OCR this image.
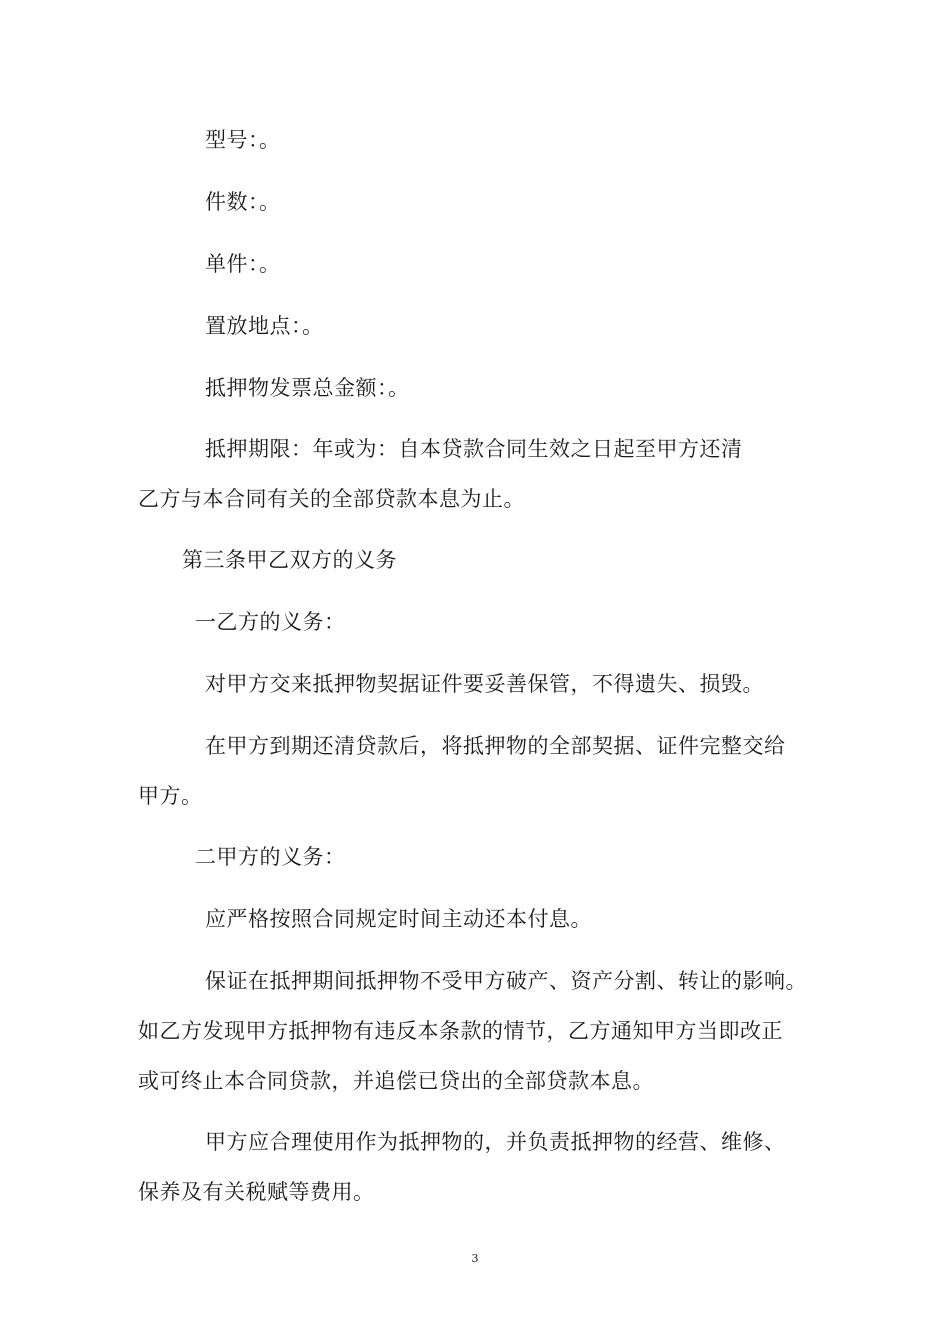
型号：。
件数：。
单件：。
置放地点：。
抵押物发票总金额：。
抵押期限：年或为：自本贷款合同生效之日起至甲方还清
乙方与本合同有关的全部贷款本息为止。
第三条甲乙双方的义务
一乙方的义务：
对甲方交来抵押物契据证件要妥善保管，不得遗失、损毁。
在甲方到期还清贷款后，将抵押物的全部契据、证件完整交给
甲方。
二甲方的义务：
应严格按照合同规定时间主动还本付息。
保证在抵押期间抵押物不受甲方破产、资产分割、转让的影响。
如乙方发现甲方抵押物有违反本条款的情节，乙方通知甲方当即改正
或可终止本合同贷款，并追偿已贷出的全部贷款本息。
甲方应合理使用作为抵押物的，并负责抵押物的经营、维修、
保养及有关税赋等费用。
3
